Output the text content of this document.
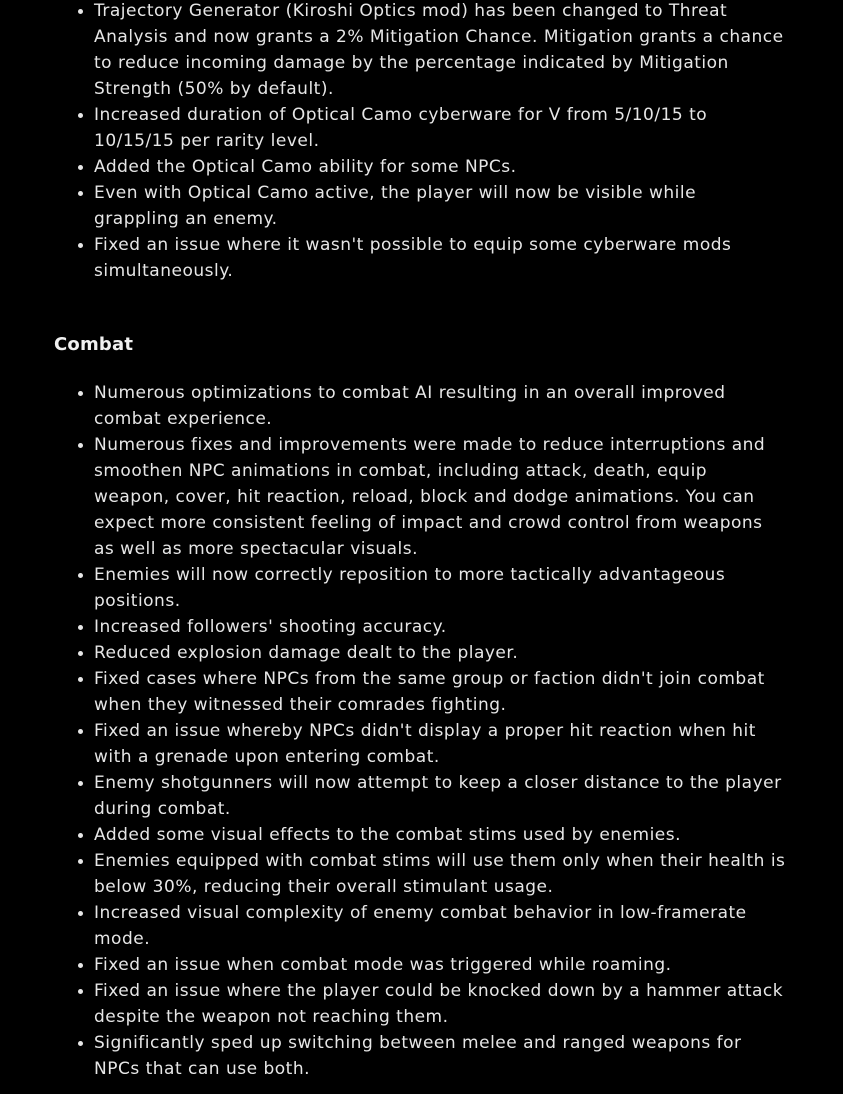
• Trajectory Generator (Kiroshi Optics mod) has been changed to Threat Analysis and now grants a 2% Mitigation Chance. Mitigation grants a chance to reduce incoming damage by the percentage indicated by Mitigation Strength (50% by default).
• Increased duration of Optical Camo cyberware for V from 5/10/15 to 10/15/15 per rarity level.
• Added the Optical Camo ability for some NPCs.
• Even with Optical Camo active, the player will now be visible while grappling an enemy.
• Fixed an issue where it wasn't possible to equip some cyberware mods simultaneously.
Combat
• Numerous optimizations to combat AI resulting in an overall improved combat experience.
• Numerous fixes and improvements were made to reduce interruptions and smoothen NPC animations in combat, including attack, death, equip weapon, cover, hit reaction, reload, block and dodge animations. You can expect more consistent feeling of impact and crowd control from weapons as well as more spectacular visuals.
• Enemies will now correctly reposition to more tactically advantageous positions.
• Increased followers' shooting accuracy.
• Reduced explosion damage dealt to the player.
• Fixed cases where NPCs from the same group or faction didn't join combat when they witnessed their comrades fighting.
• Fixed an issue whereby NPCs didn't display a proper hit reaction when hit with a grenade upon entering combat.
• Enemy shotgunners will now attempt to keep a closer distance to the player during combat.
• Added some visual effects to the combat stims used by enemies.
• Enemies equipped with combat stims will use them only when their health is below 30%, reducing their overall stimulant usage.
• Increased visual complexity of enemy combat behavior in low-framerate mode.
• Fixed an issue when combat mode was triggered while roaming.
• Fixed an issue where the player could be knocked down by a hammer attack despite the weapon not reaching them.
• Significantly sped up switching between melee and ranged weapons for NPCs that can use both.
